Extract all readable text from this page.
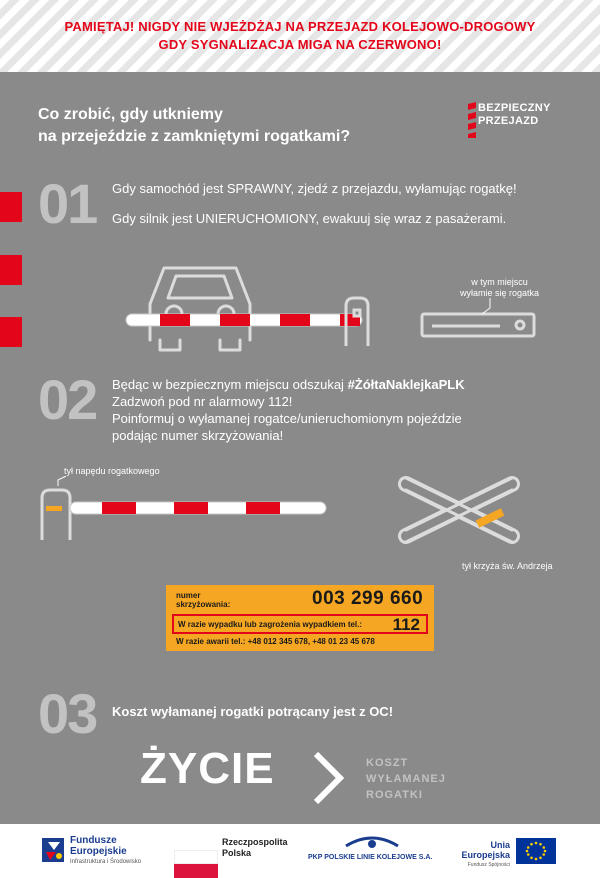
PAMIĘTAJ! NIGDY NIE WJEŻDŻAJ NA PRZEJAZD KOLEJOWO-DROGOWY
GDY SYGNALIZACJA MIGA NA CZERWONO!
Co zrobić, gdy utkniemy
na przejeździe z zamkniętymi rogatkami?
BEZPIECZNY
PRZEJAZD
01 Gdy samochód jest SPRAWNY, zjedź z przejazdu, wyłamując rogatkę!
Gdy silnik jest UNIERUCHOMIONY, ewakuuj się wraz z pasażerami.
w tym miejscu
wyłamie się rogatka
02 Będąc w bezpiecznym miejscu odszukaj #ŻółtaNaklejkaPLK
Zadzwoń pod nr alarmowy 112!
Poinformuj o wyłamanej rogatce/unieruchomionym pojeździe
podając numer skrzyżowania!
tył napędu rogatkowego
tył krzyża św. Andrzeja
numer
skrzyżowania:	003 299 660
W razie wypadku lub zagrożenia wypadkiem tel.: 112
W razie awarii tel.: +48 012 345 678, +48 01 23 45 678
03 Koszt wyłamanej rogatki potrącany jest z OC!
ŻYCIE	KOSZT
WYŁAMANEJ
ROGATKI
Fundusze
Europejskie
Infrastruktura i Środowisko
Rzeczpospolita
Polska	PKP POLSKIE LINIE KOLEJOWE S.A.
Unia Europejska
Fundusz Spójności
